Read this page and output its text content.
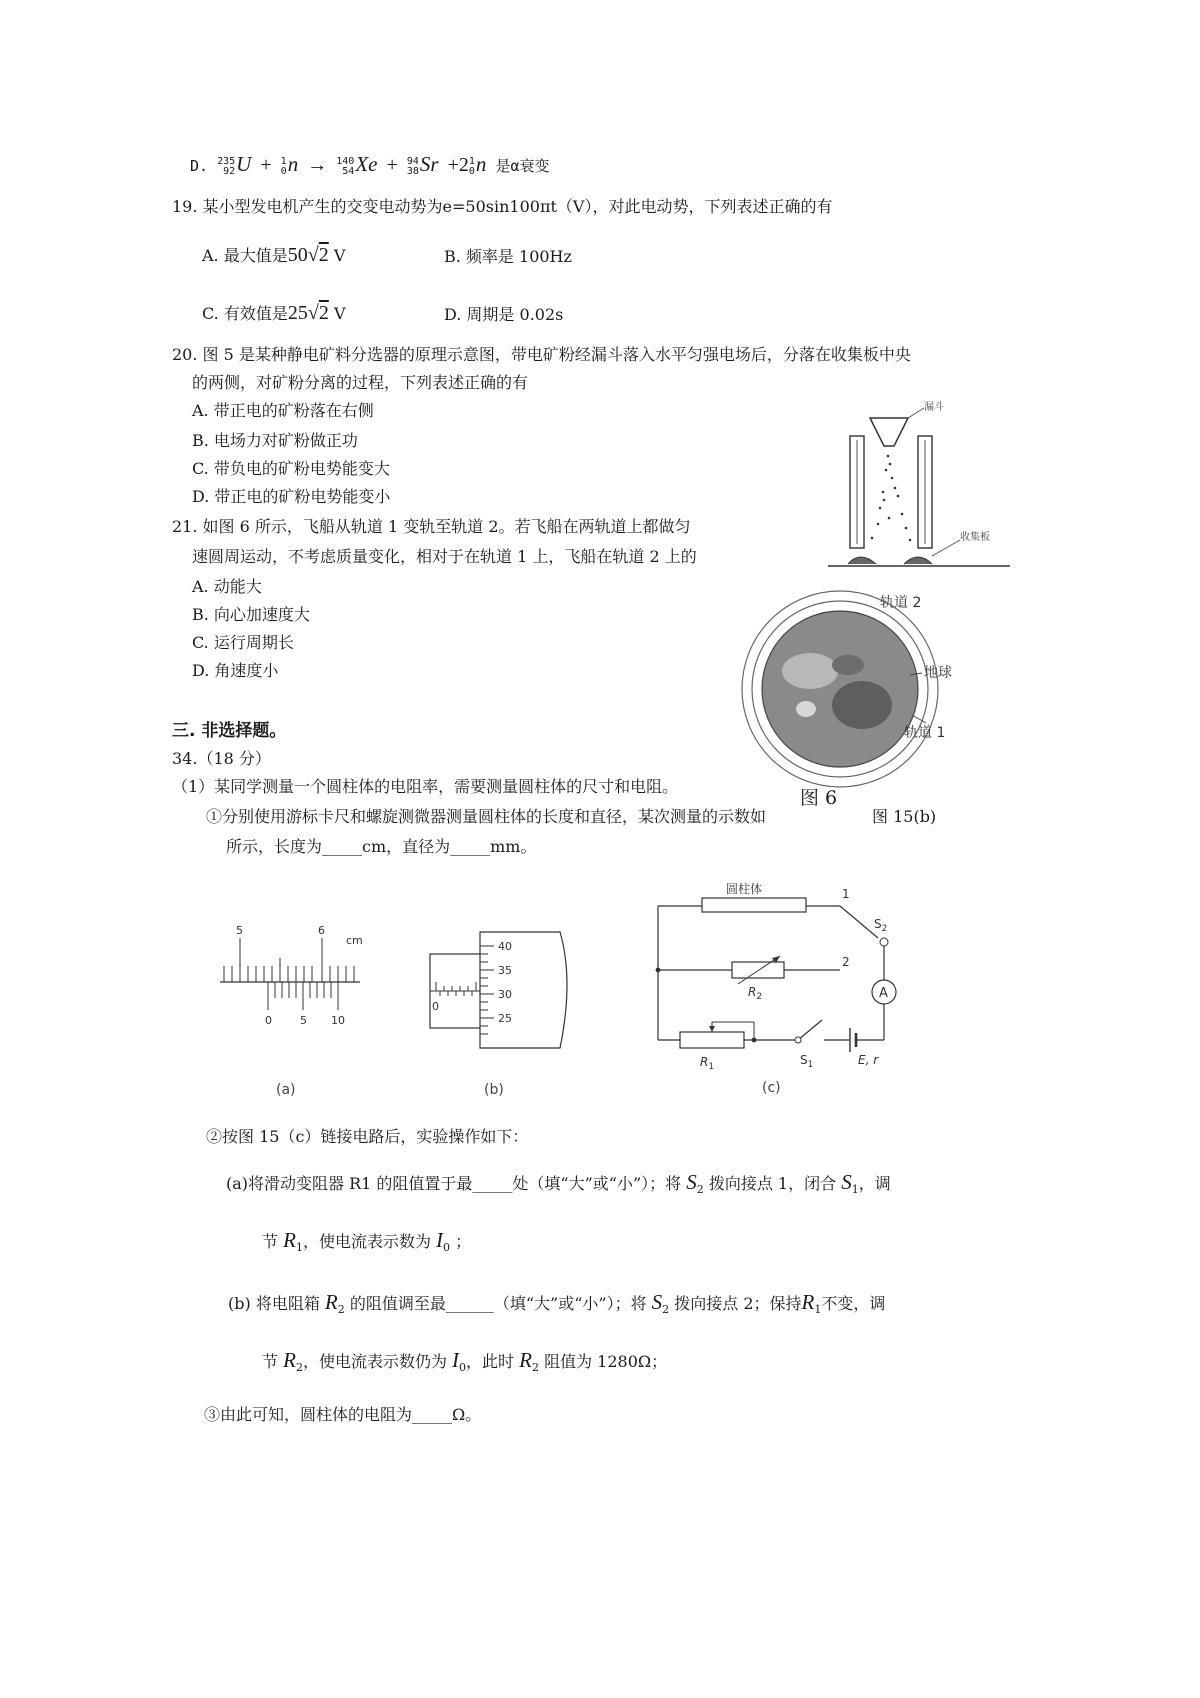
D. 235
92U + 1
0n → 140
54Xe + 94
38Sr +21
0n 是α衰变
19. 某小型发电机产生的交变电动势为e=50sin100πt（V），对此电动势，下列表述正确的有
A. 最大值是50√2 V	B. 频率是 100Hz
C. 有效值是25√2 V	D. 周期是 0.02s
20. 图 5 是某种静电矿料分选器的原理示意图，带电矿粉经漏斗落入水平匀强电场后，分落在收集板中央
的两侧，对矿粉分离的过程，下列表述正确的有
A. 带正电的矿粉落在右侧
B. 电场力对矿粉做正功
C. 带负电的矿粉电势能变大
D. 带正电的矿粉电势能变小
漏斗
收集板
21. 如图 6 所示，飞船从轨道 1 变轨至轨道 2。若飞船在两轨道上都做匀
速圆周运动，不考虑质量变化，相对于在轨道 1 上，飞船在轨道 2 上的
A. 动能大
B. 向心加速度大
C. 运行周期长
D. 角速度小
轨道 2
地球
轨道 1
图 6
三. 非选择题。
34.（18 分）
（1）某同学测量一个圆柱体的电阻率，需要测量圆柱体的尺寸和电阻。
①分别使用游标卡尺和螺旋测微器测量圆柱体的长度和直径，某次测量的示数如	图 15(b)
所示，长度为_____cm，直径为_____mm。
5	6
cm
0	5 10
(a)
0
40
35
30
25
(b)
圆柱体	1
$S_2$
$R_2$
2
A
$R_1$	$S_1$	E, r
(c)
②按图 15（c）链接电路后，实验操作如下：
(a)将滑动变阻器 R1 的阻值置于最_____处（填“大”或“小”）；将 $S_2$ 拨向接点 1，闭合 $S_1$，调
节 $R_1$，使电流表示数为 $I_0$ ；
(b) 将电阻箱 $R_2$ 的阻值调至最______（填“大”或“小”）；将 $S_2$ 拨向接点 2；保持$R_1$不变，调
节 $R_2$，使电流表示数仍为 $I_0$，此时 $R_2$ 阻值为 1280Ω；
③由此可知，圆柱体的电阻为_____Ω。
